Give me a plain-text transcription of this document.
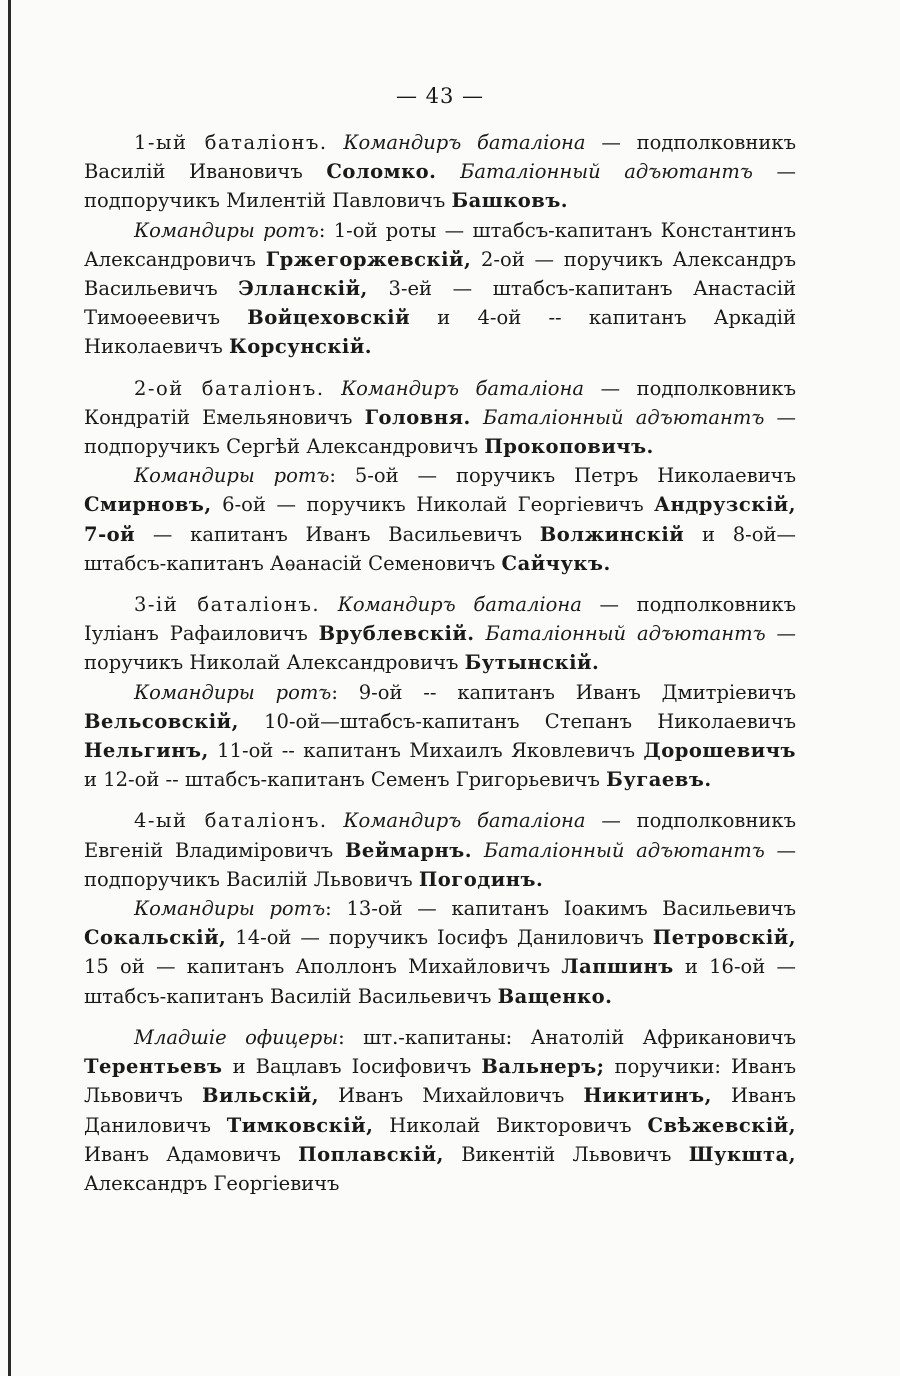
— 43 —

1-ый баталіонъ. Командиръ баталіона — подполковникъ Василій Ивановичъ Соломко. Баталіонный адъютантъ — подпоручикъ Милентій Павловичъ Башковъ.

Командиры ротъ: 1-ой роты — штабсъ-капитанъ Константинъ Александровичъ Гржегоржевскій, 2-ой — поручикъ Александръ Васильевичъ Элланскій, 3-ей — штабсъ-капитанъ Анастасій Тимоѳеевичъ Войцеховскій и 4-ой -- капитанъ Аркадій Николаевичъ Корсунскій.

2-ой баталіонъ. Командиръ баталіона — подполковникъ Кондратій Емельяновичъ Головня. Баталіонный адъютантъ — подпоручикъ Сергѣй Александровичъ Прокоповичъ.

Командиры ротъ: 5-ой — поручикъ Петръ Николаевичъ Смирновъ, 6-ой — поручикъ Николай Георгіевичъ Андрузскій, 7-ой — капитанъ Иванъ Васильевичъ Волжинскій и 8-ой—штабсъ-капитанъ Аѳанасій Семеновичъ Сайчукъ.

3-ій баталіонъ. Командиръ баталіона — подполковникъ Іуліанъ Рафаиловичъ Врублевскій. Баталіонный адъютантъ — поручикъ Николай Александровичъ Бутынскій.

Командиры ротъ: 9-ой -- капитанъ Иванъ Дмитріевичъ Вельсовскій, 10-ой—штабсъ-капитанъ Степанъ Николаевичъ Нельгинъ, 11-ой -- капитанъ Михаилъ Яковлевичъ Дорошевичъ и 12-ой -- штабсъ-капитанъ Семенъ Григорьевичъ Бугаевъ.

4-ый баталіонъ. Командиръ баталіона — подполковникъ Евгеній Владиміровичъ Веймарнъ. Баталіонный адъютантъ — подпоручикъ Василій Львовичъ Погодинъ.

Командиры ротъ: 13-ой — капитанъ Іоакимъ Васильевичъ Сокальскій, 14-ой — поручикъ Іосифъ Даниловичъ Петровскій, 15 ой — капитанъ Аполлонъ Михайловичъ Лапшинъ и 16-ой — штабсъ-капитанъ Василій Васильевичъ Ващенко.

Младшіе офицеры: шт.-капитаны: Анатолій Африкановичъ Терентьевъ и Вацлавъ Іосифовичъ Вальнеръ; поручики: Иванъ Львовичъ Вильскій, Иванъ Михайловичъ Никитинъ, Иванъ Даниловичъ Тимковскій, Николай Викторовичъ Свѣжевскій, Иванъ Адамовичъ Поплавскій, Викентій Львовичъ Шукшта, Александръ Георгіевичъ
